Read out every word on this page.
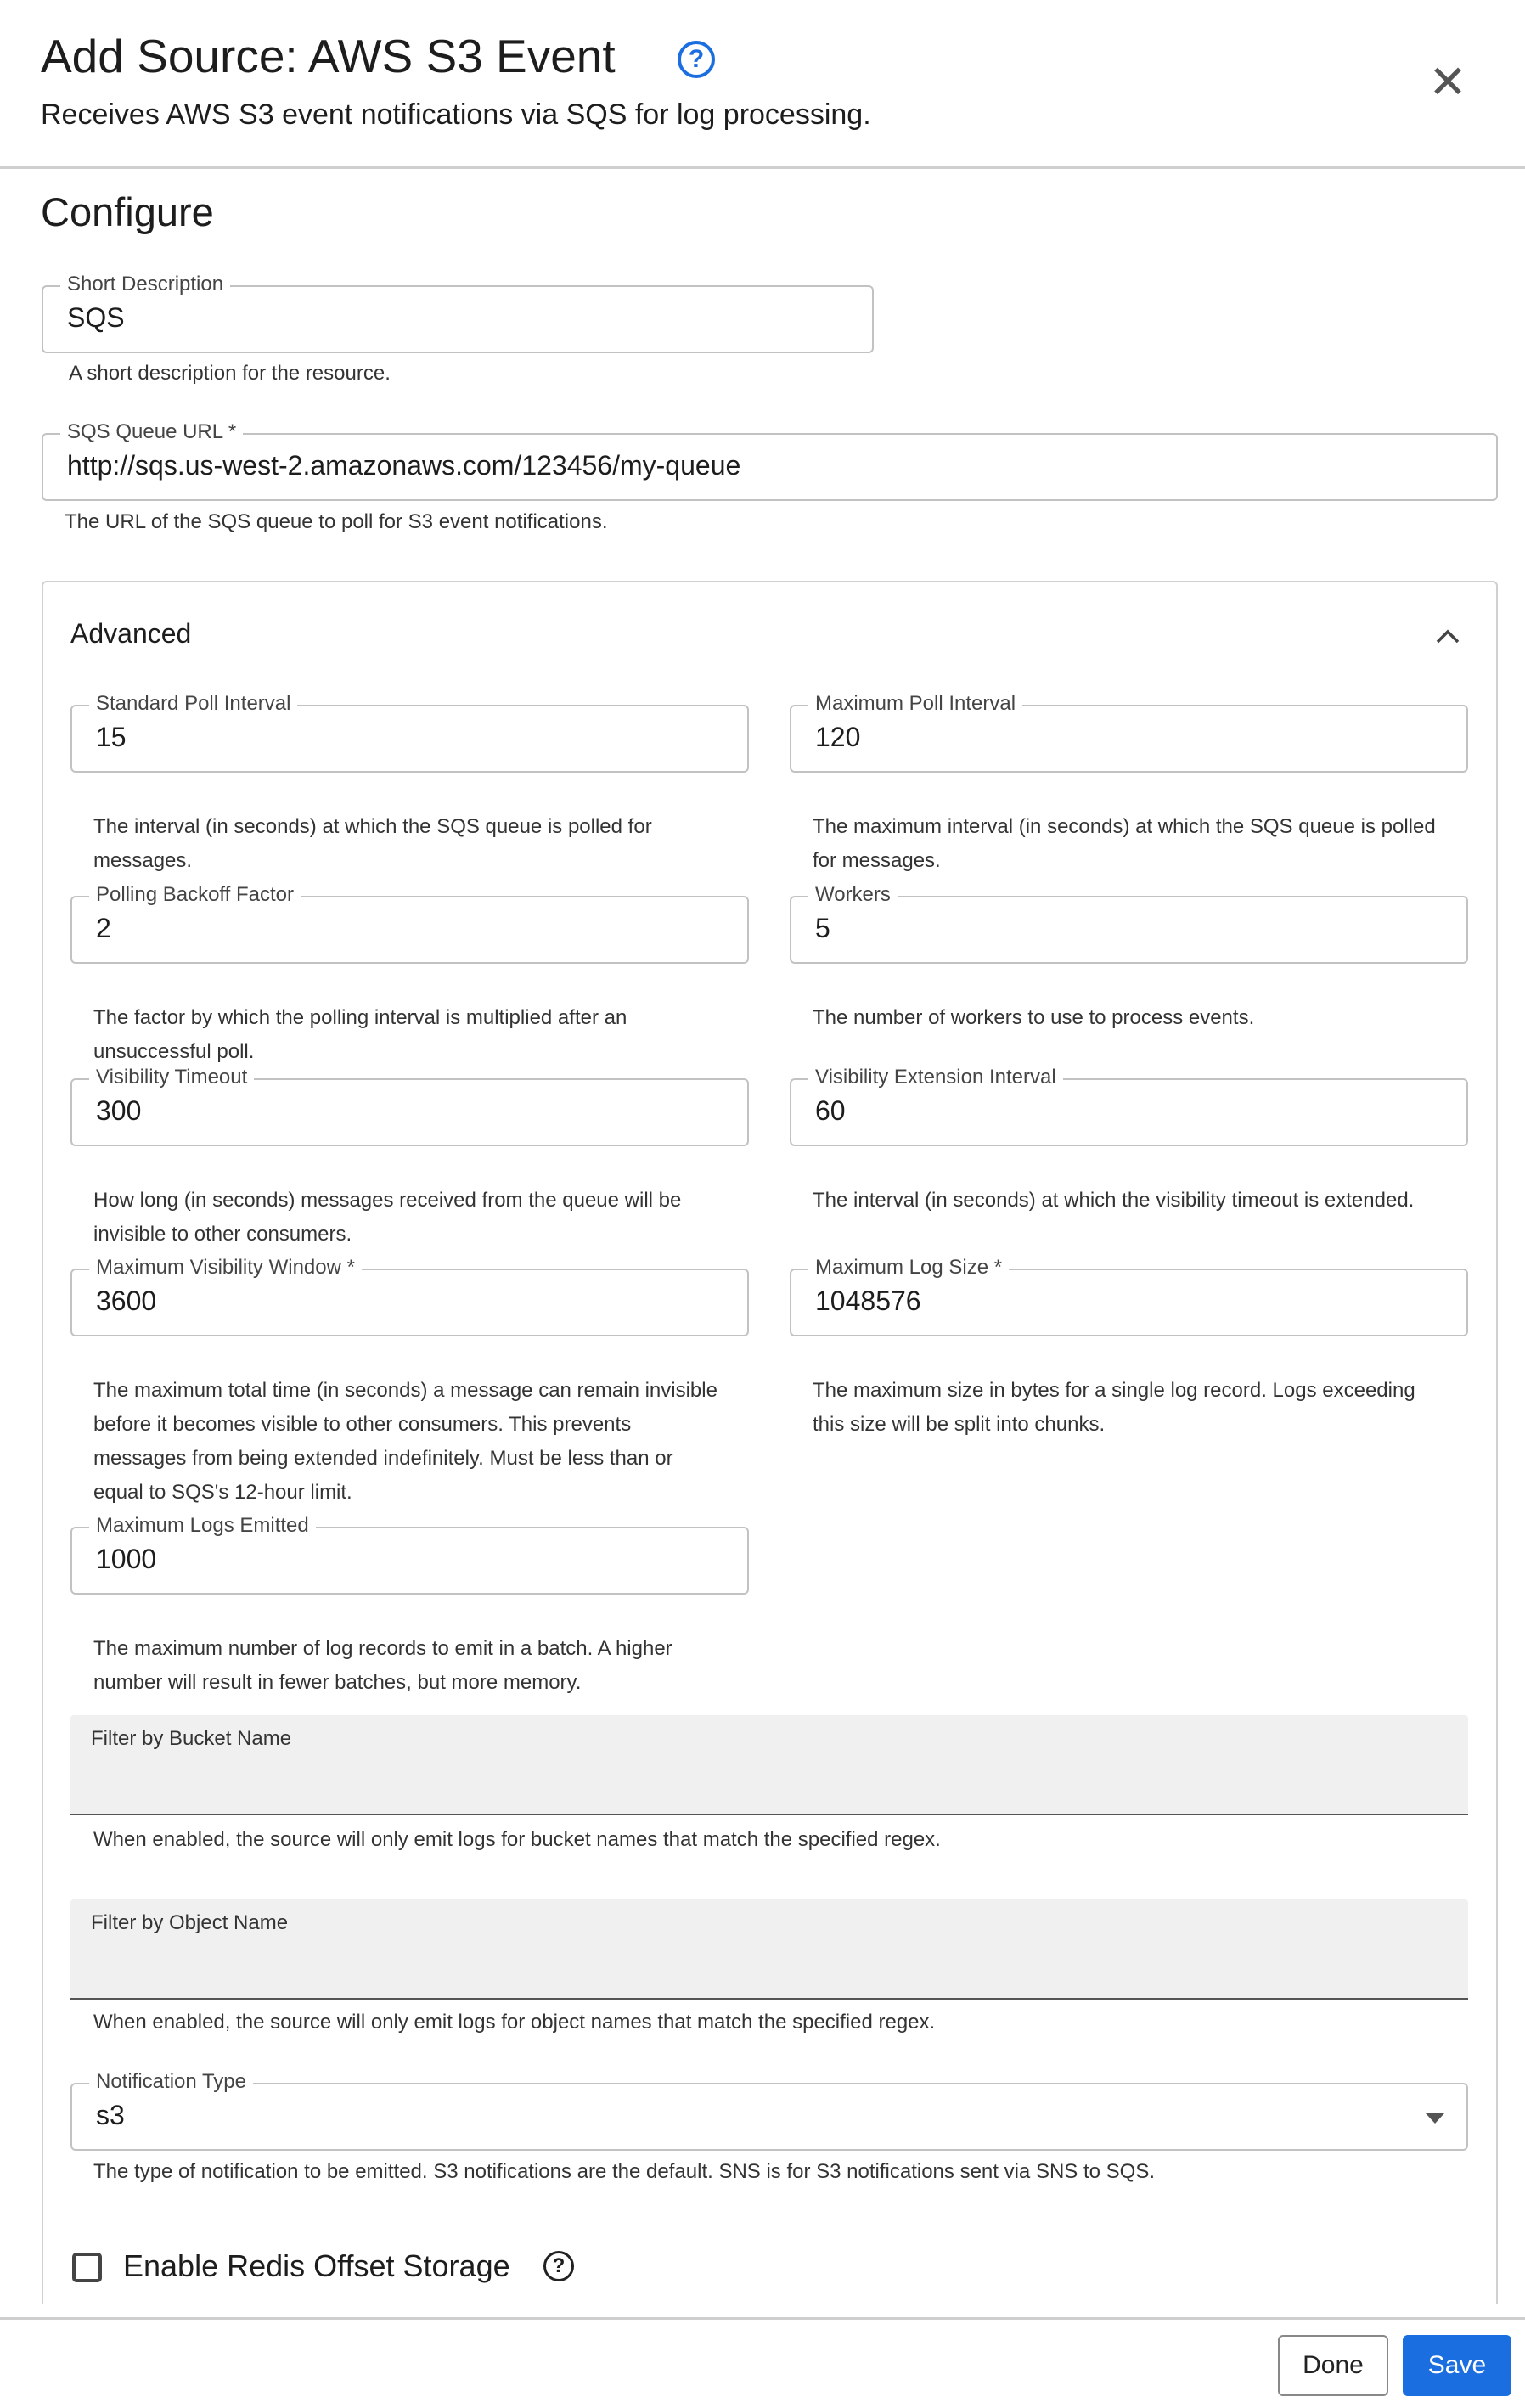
Add Source: AWS S3 Event	?
Receives AWS S3 event notifications via SQS for log processing.
✕
Configure
Short Description
SQS
A short description for the resource.
SQS Queue URL *
http://sqs.us-west-2.amazonaws.com/123456/my-queue
The URL of the SQS queue to poll for S3 event notifications.
Advanced
Standard Poll Interval
15
The interval (in seconds) at which the SQS queue is polled for
messages.
Maximum Poll Interval
120
The maximum interval (in seconds) at which the SQS queue is polled
for messages.
Polling Backoff Factor
2
The factor by which the polling interval is multiplied after an
unsuccessful poll.
Workers
5
The number of workers to use to process events.
Visibility Timeout
300
How long (in seconds) messages received from the queue will be
invisible to other consumers.
Visibility Extension Interval
60
The interval (in seconds) at which the visibility timeout is extended.
Maximum Visibility Window *
3600
The maximum total time (in seconds) a message can remain invisible
before it becomes visible to other consumers. This prevents
messages from being extended indefinitely. Must be less than or
equal to SQS's 12-hour limit.
Maximum Log Size *
1048576
The maximum size in bytes for a single log record. Logs exceeding
this size will be split into chunks.
Maximum Logs Emitted
1000
The maximum number of log records to emit in a batch. A higher
number will result in fewer batches, but more memory.
Filter by Bucket Name
When enabled, the source will only emit logs for bucket names that match the specified regex.
Filter by Object Name
When enabled, the source will only emit logs for object names that match the specified regex.
Notification Type
s3
The type of notification to be emitted. S3 notifications are the default. SNS is for S3 notifications sent via SNS to SQS.
Enable Redis Offset Storage	?
Done	Save
